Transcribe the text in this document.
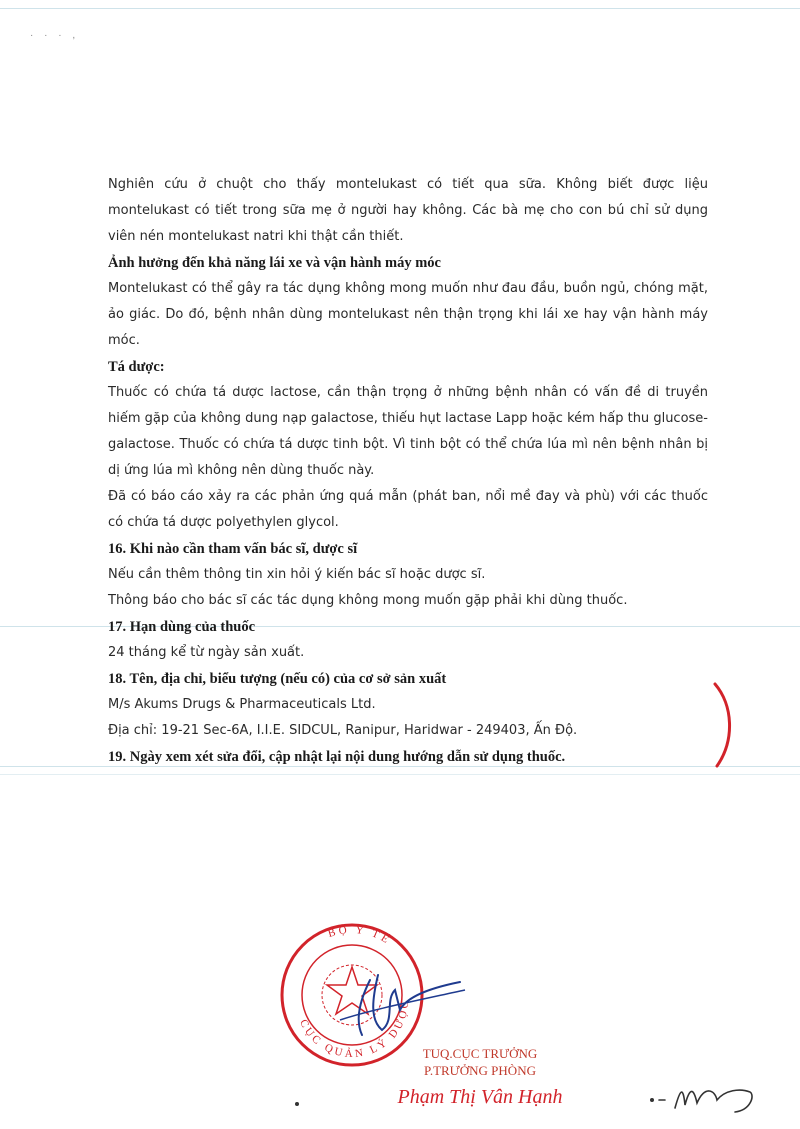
· · · ,

Nghiên cứu ở chuột cho thấy montelukast có tiết qua sữa. Không biết được liệu montelukast có tiết trong sữa mẹ ở người hay không. Các bà mẹ cho con bú chỉ sử dụng viên nén montelukast natri khi thật cần thiết.

Ảnh hưởng đến khả năng lái xe và vận hành máy móc

Montelukast có thể gây ra tác dụng không mong muốn như đau đầu, buồn ngủ, chóng mặt, ảo giác. Do đó, bệnh nhân dùng montelukast nên thận trọng khi lái xe hay vận hành máy móc.

Tá dược:

Thuốc có chứa tá dược lactose, cần thận trọng ở những bệnh nhân có vấn đề di truyền hiếm gặp của không dung nạp galactose, thiếu hụt lactase Lapp hoặc kém hấp thu glucose-galactose. Thuốc có chứa tá dược tinh bột. Vì tinh bột có thể chứa lúa mì nên bệnh nhân bị dị ứng lúa mì không nên dùng thuốc này.

Đã có báo cáo xảy ra các phản ứng quá mẫn (phát ban, nổi mề đay và phù) với các thuốc có chứa tá dược polyethylen glycol.

16. Khi nào cần tham vấn bác sĩ, dược sĩ

Nếu cần thêm thông tin xin hỏi ý kiến bác sĩ hoặc dược sĩ.

Thông báo cho bác sĩ các tác dụng không mong muốn gặp phải khi dùng thuốc.

17. Hạn dùng của thuốc

24 tháng kể từ ngày sản xuất.

18. Tên, địa chỉ, biểu tượng (nếu có) của cơ sở sản xuất

M/s Akums Drugs & Pharmaceuticals Ltd.

Địa chỉ: 19-21 Sec-6A, I.I.E. SIDCUL, Ranipur, Haridwar - 249403, Ấn Độ.

19. Ngày xem xét sửa đổi, cập nhật lại nội dung hướng dẫn sử dụng thuốc.

BỘ Y TẾ
CỤC QUẢN LÝ DƯỢC
TUQ.CỤC TRƯỞNG
P.TRƯỞNG PHÒNG
Phạm Thị Vân Hạnh
